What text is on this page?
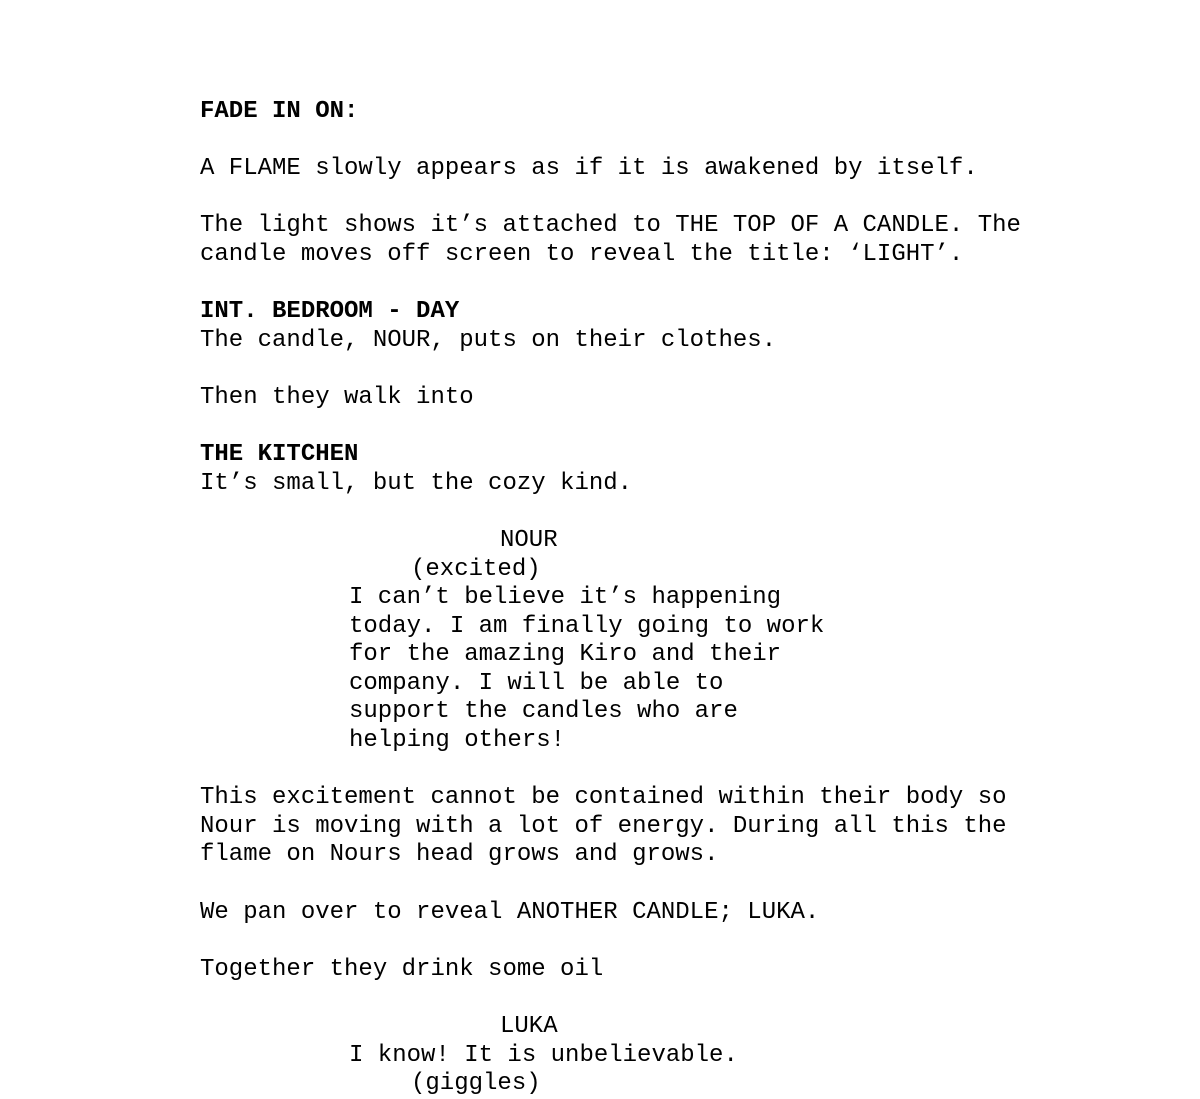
FADE IN ON:
A FLAME slowly appears as if it is awakened by itself.
The light shows it’s attached to THE TOP OF A CANDLE. The
candle moves off screen to reveal the title: ‘LIGHT’.
INT. BEDROOM - DAY
The candle, NOUR, puts on their clothes.
Then they walk into
THE KITCHEN
It’s small, but the cozy kind.
NOUR
(excited)
I can’t believe it’s happening
today. I am finally going to work
for the amazing Kiro and their
company. I will be able to
support the candles who are
helping others!
This excitement cannot be contained within their body so
Nour is moving with a lot of energy. During all this the
flame on Nours head grows and grows.
We pan over to reveal ANOTHER CANDLE; LUKA.
Together they drink some oil
LUKA
I know! It is unbelievable.
(giggles)
